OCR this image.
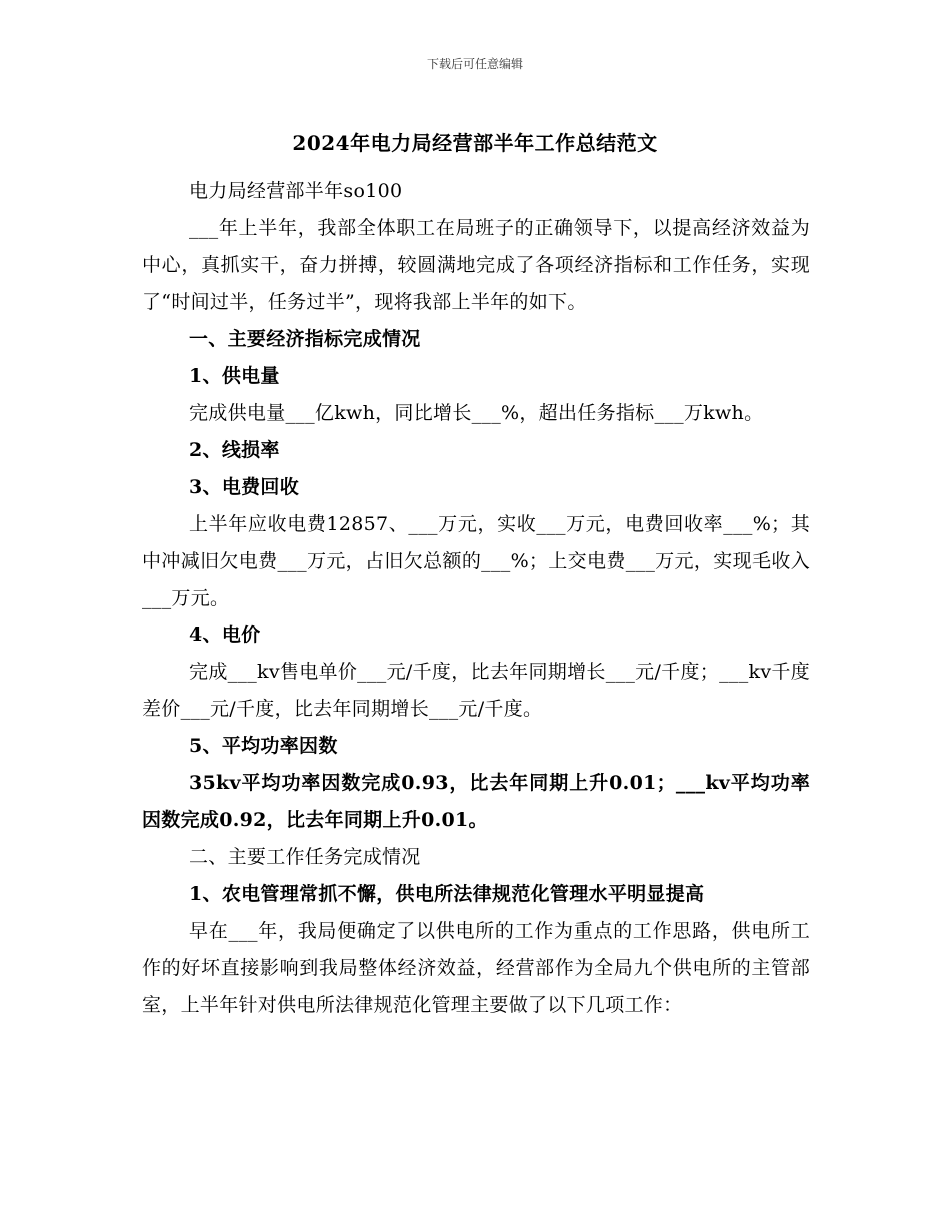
下载后可任意编辑
2024年电力局经营部半年工作总结范文

电力局经营部半年so100

___年上半年，我部全体职工在局班子的正确领导下，以提高经济效益为中心，真抓实干，奋力拼搏，较圆满地完成了各项经济指标和工作任务，实现了“时间过半，任务过半”，现将我部上半年的如下。

一、主要经济指标完成情况

1、供电量

完成供电量___亿kwh，同比增长___%，超出任务指标___万kwh。

2、线损率

3、电费回收

上半年应收电费12857、___万元，实收___万元，电费回收率___%；其中冲减旧欠电费___万元，占旧欠总额的___%；上交电费___万元，实现毛收入___万元。

4、电价

完成___kv售电单价___元/千度，比去年同期增长___元/千度；___kv千度差价___元/千度，比去年同期增长___元/千度。

5、平均功率因数

35kv平均功率因数完成0.93，比去年同期上升0.01；___kv平均功率因数完成0.92，比去年同期上升0.01。

二、主要工作任务完成情况

1、农电管理常抓不懈，供电所法律规范化管理水平明显提高

早在___年，我局便确定了以供电所的工作为重点的工作思路，供电所工作的好坏直接影响到我局整体经济效益，经营部作为全局九个供电所的主管部室，上半年针对供电所法律规范化管理主要做了以下几项工作：
